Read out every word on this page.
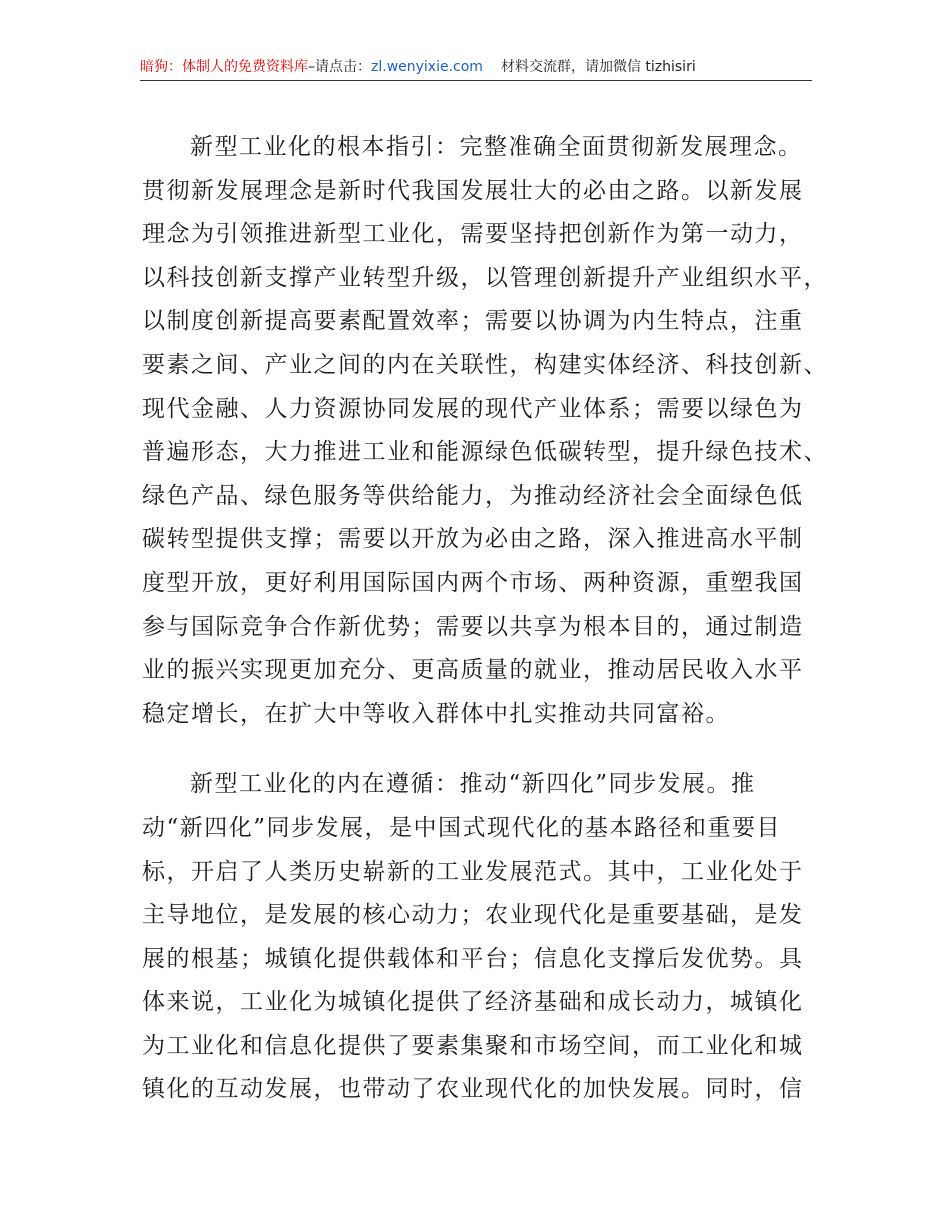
暗狗：体制人的免费资料库–请点击：zl.wenyixie.com 材料交流群，请加微信 tizhisiri

新型工业化的根本指引：完整准确全面贯彻新发展理念。
贯彻新发展理念是新时代我国发展壮大的必由之路。以新发展
理念为引领推进新型工业化，需要坚持把创新作为第一动力，
以科技创新支撑产业转型升级，以管理创新提升产业组织水平，
以制度创新提高要素配置效率；需要以协调为内生特点，注重
要素之间、产业之间的内在关联性，构建实体经济、科技创新、
现代金融、人力资源协同发展的现代产业体系；需要以绿色为
普遍形态，大力推进工业和能源绿色低碳转型，提升绿色技术、
绿色产品、绿色服务等供给能力，为推动经济社会全面绿色低
碳转型提供支撑；需要以开放为必由之路，深入推进高水平制
度型开放，更好利用国际国内两个市场、两种资源，重塑我国
参与国际竞争合作新优势；需要以共享为根本目的，通过制造
业的振兴实现更加充分、更高质量的就业，推动居民收入水平
稳定增长，在扩大中等收入群体中扎实推动共同富裕。

新型工业化的内在遵循：推动“新四化”同步发展。推
动“新四化”同步发展，是中国式现代化的基本路径和重要目
标，开启了人类历史崭新的工业发展范式。其中，工业化处于
主导地位，是发展的核心动力；农业现代化是重要基础，是发
展的根基；城镇化提供载体和平台；信息化支撑后发优势。具
体来说，工业化为城镇化提供了经济基础和成长动力，城镇化
为工业化和信息化提供了要素集聚和市场空间，而工业化和城
镇化的互动发展，也带动了农业现代化的加快发展。同时，信
